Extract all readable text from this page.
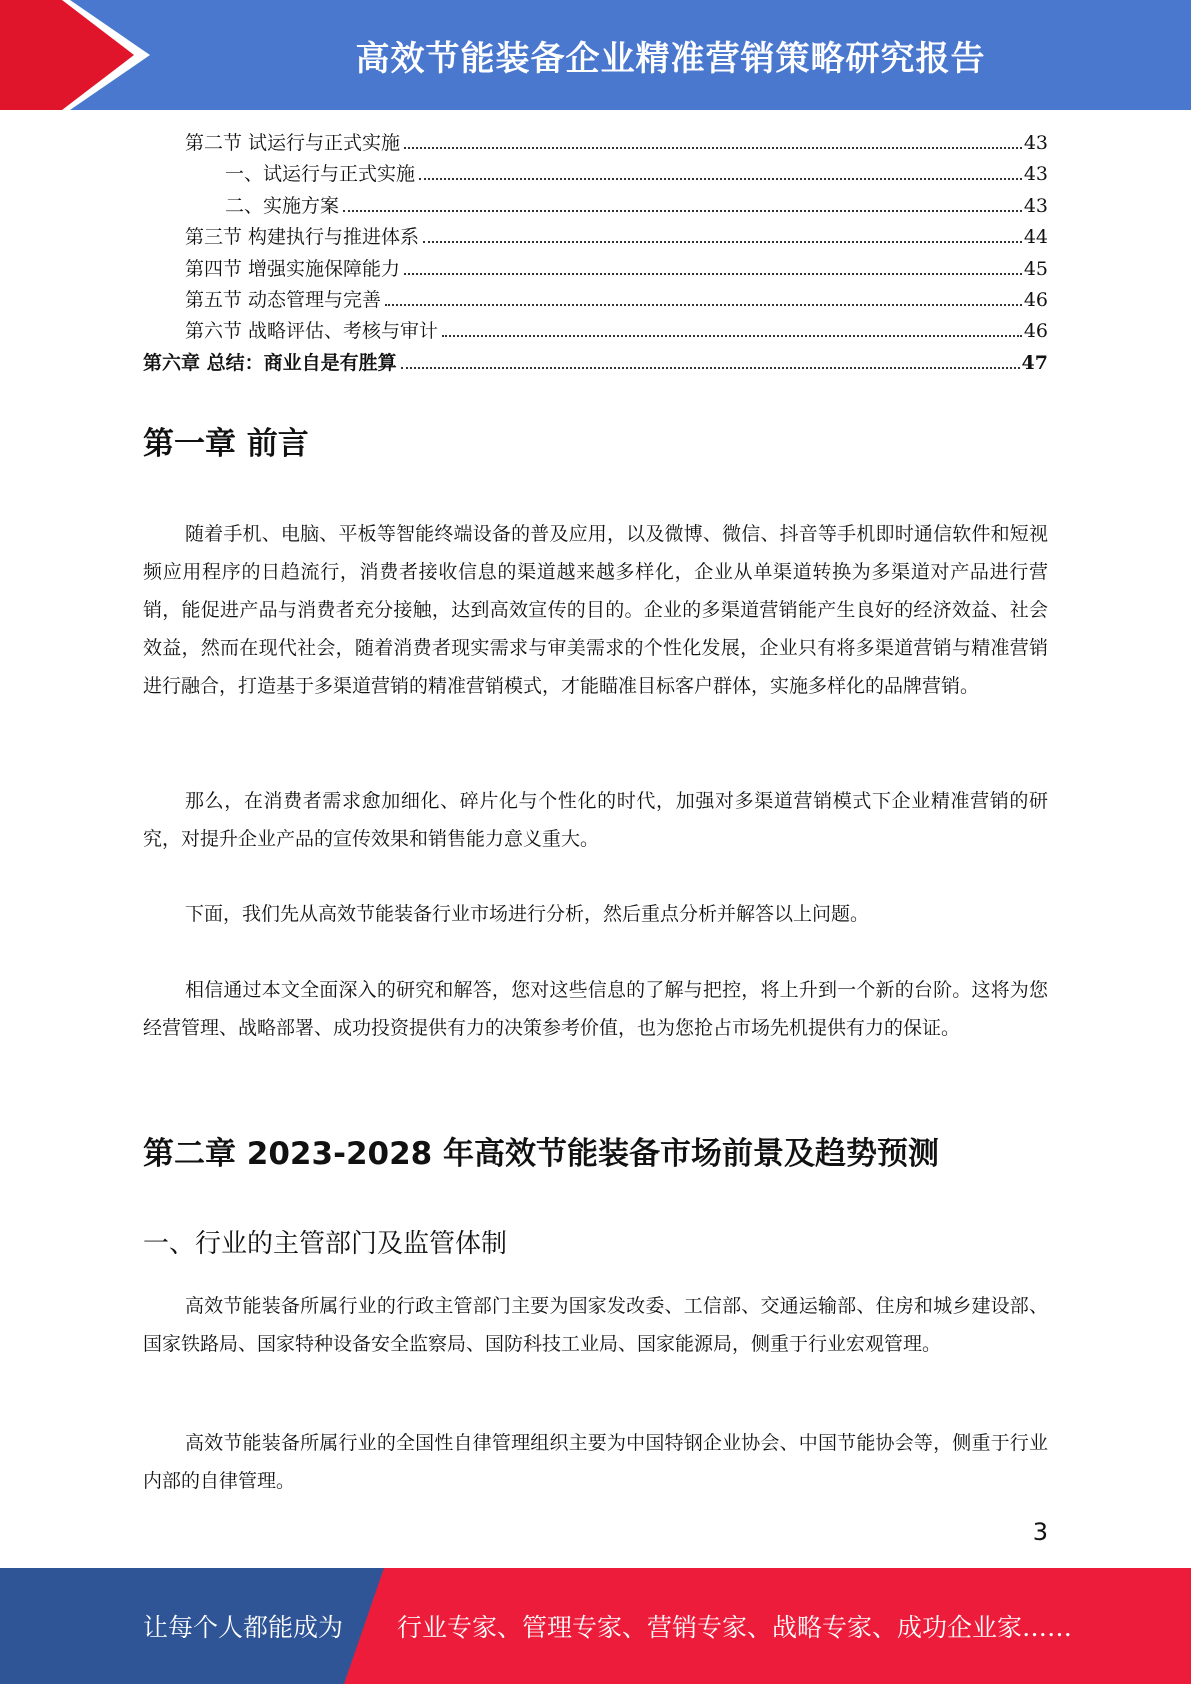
高效节能装备企业精准营销策略研究报告
第二节 试运行与正式实施	43
一、试运行与正式实施	43
二、实施方案	43
第三节 构建执行与推进体系	44
第四节 增强实施保障能力	45
第五节 动态管理与完善	46
第六节 战略评估、考核与审计	46
第六章 总结：商业自是有胜算	47
第一章 前言

随着手机、电脑、平板等智能终端设备的普及应用，以及微博、微信、抖音等手机即时通信软件和短视频应用程序的日趋流行，消费者接收信息的渠道越来越多样化，企业从单渠道转换为多渠道对产品进行营销，能促进产品与消费者充分接触，达到高效宣传的目的。企业的多渠道营销能产生良好的经济效益、社会效益，然而在现代社会，随着消费者现实需求与审美需求的个性化发展，企业只有将多渠道营销与精准营销进行融合，打造基于多渠道营销的精准营销模式，才能瞄准目标客户群体，实施多样化的品牌营销。

那么，在消费者需求愈加细化、碎片化与个性化的时代，加强对多渠道营销模式下企业精准营销的研究，对提升企业产品的宣传效果和销售能力意义重大。

下面，我们先从高效节能装备行业市场进行分析，然后重点分析并解答以上问题。

相信通过本文全面深入的研究和解答，您对这些信息的了解与把控，将上升到一个新的台阶。这将为您经营管理、战略部署、成功投资提供有力的决策参考价值，也为您抢占市场先机提供有力的保证。

第二章 2023-2028 年高效节能装备市场前景及趋势预测
一、行业的主管部门及监管体制

高效节能装备所属行业的行政主管部门主要为国家发改委、工信部、交通运输部、住房和城乡建设部、国家铁路局、国家特种设备安全监察局、国防科技工业局、国家能源局，侧重于行业宏观管理。

高效节能装备所属行业的全国性自律管理组织主要为中国特钢企业协会、中国节能协会等，侧重于行业内部的自律管理。

3
让每个人都能成为 行业专家、管理专家、营销专家、战略专家、成功企业家……
